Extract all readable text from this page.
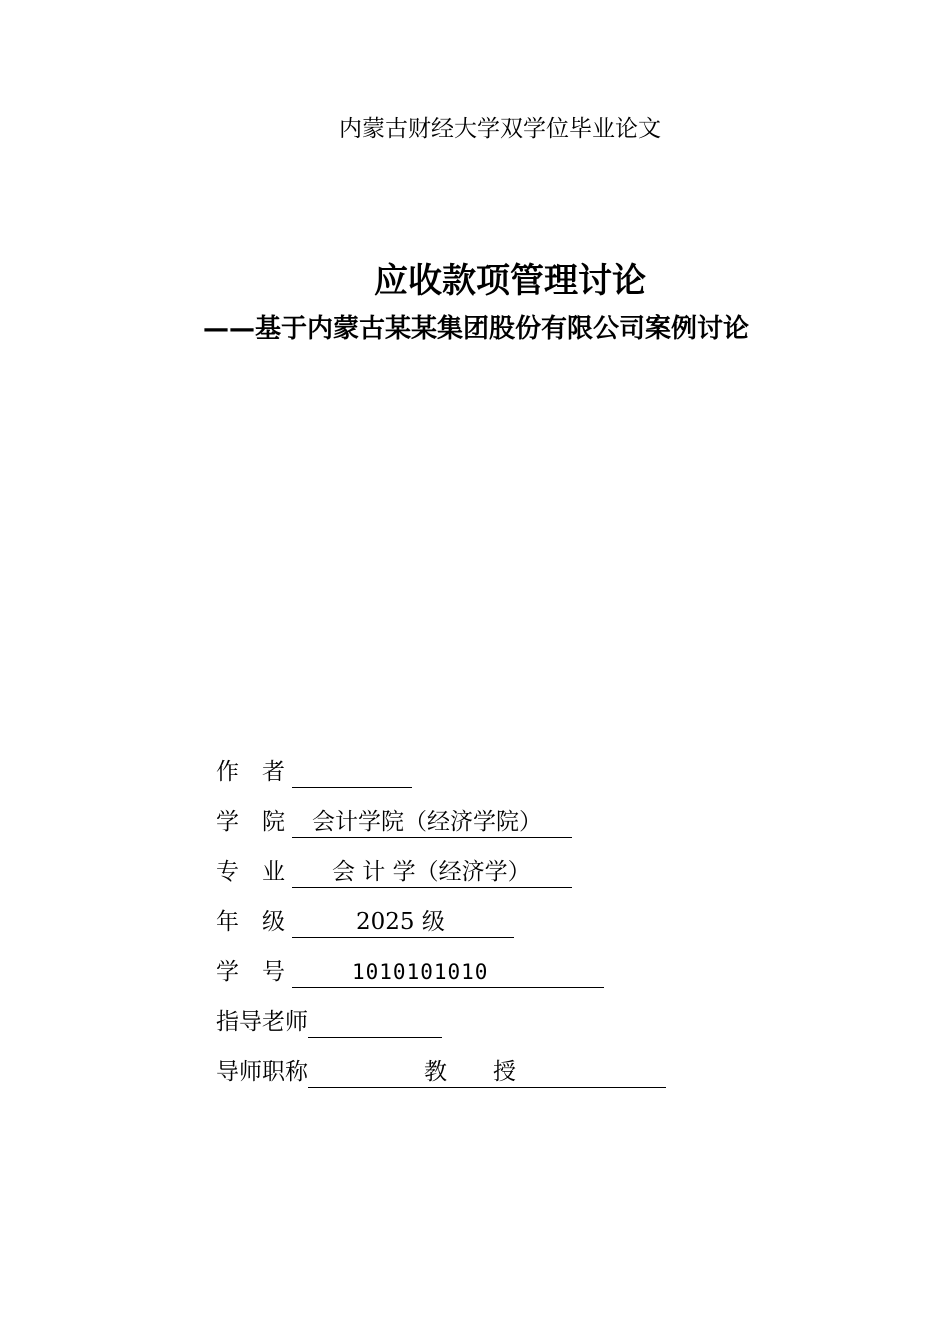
内蒙古财经大学双学位毕业论文
应收款项管理讨论
——基于内蒙古某某集团股份有限公司案例讨论
作　者
学　院 会计学院（经济学院）
专　业 会 计 学（经济学）
年　级	2025 级
学　号	1010101010
指导老师
导师职称	教　　授
